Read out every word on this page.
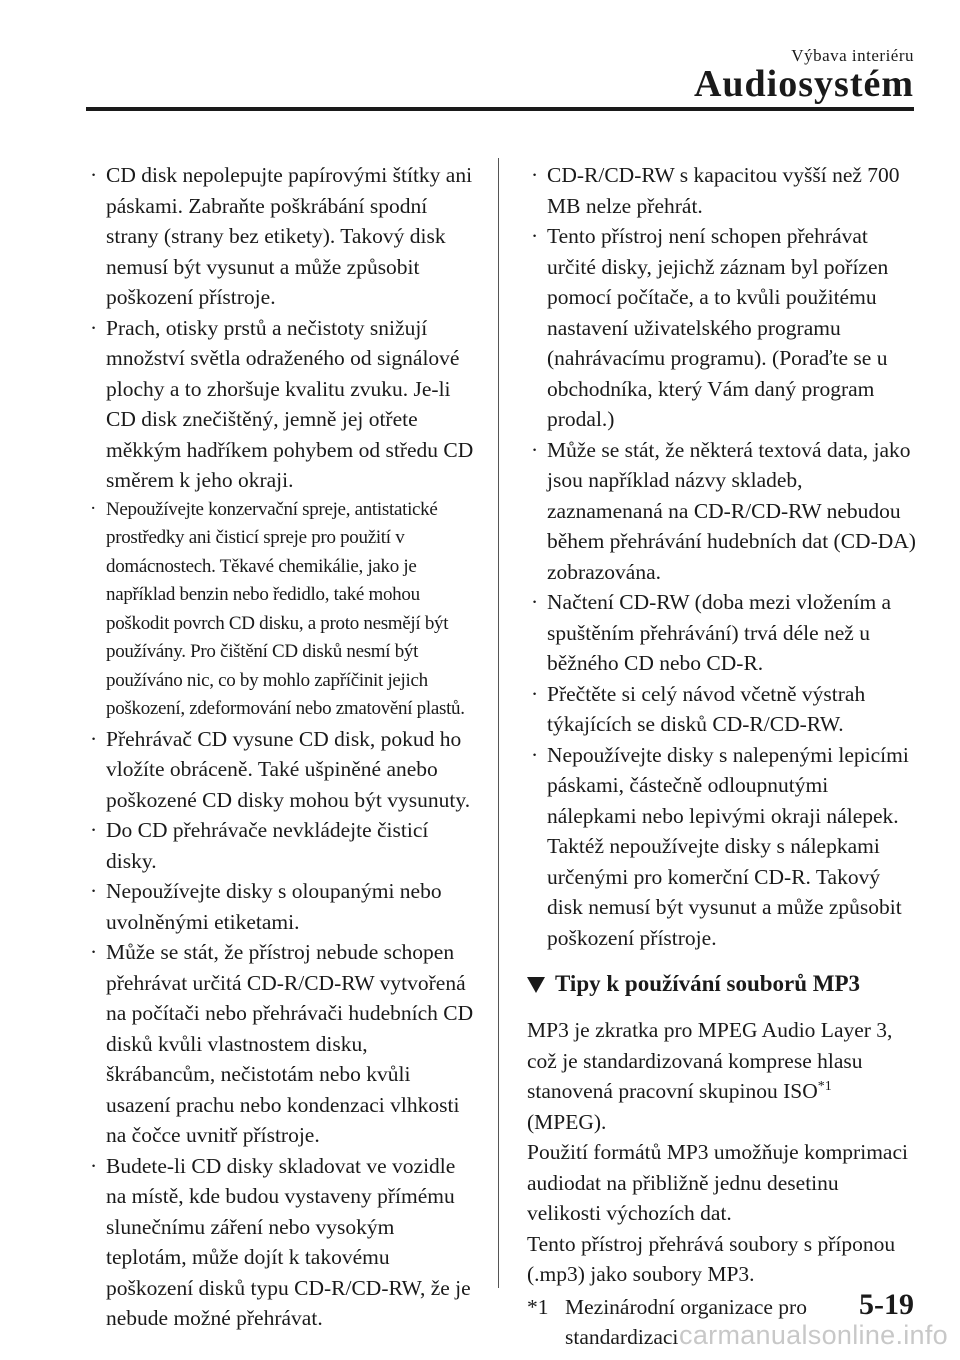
Výbava interiéru
Audiosystém
· CD disk nepolepujte papírovými štítky ani páskami. Zabraňte poškrábání spodní strany (strany bez etikety). Takový disk nemusí být vysunut a může způsobit poškození přístroje.
· Prach, otisky prstů a nečistoty snižují množství světla odraženého od signálové plochy a to zhoršuje kvalitu zvuku. Je-li CD disk znečištěný, jemně jej otřete měkkým hadříkem pohybem od středu CD směrem k jeho okraji.
· Nepoužívejte konzervační spreje, antistatické prostředky ani čisticí spreje pro použití v domácnostech. Těkavé chemikálie, jako je například benzin nebo ředidlo, také mohou poškodit povrch CD disku, a proto nesmějí být používány. Pro čištění CD disků nesmí být používáno nic, co by mohlo zapříčinit jejich poškození, zdeformování nebo zmatovění plastů.
· Přehrávač CD vysune CD disk, pokud ho vložíte obráceně. Také ušpiněné anebo poškozené CD disky mohou být vysunuty.
· Do CD přehrávače nevkládejte čisticí disky.
· Nepoužívejte disky s oloupanými nebo uvolněnými etiketami.
· Může se stát, že přístroj nebude schopen přehrávat určitá CD-R/CD-RW vytvořená na počítači nebo přehrávači hudebních CD disků kvůli vlastnostem disku, škrábancům, nečistotám nebo kvůli usazení prachu nebo kondenzaci vlhkosti na čočce uvnitř přístroje.
· Budete-li CD disky skladovat ve vozidle na místě, kde budou vystaveny přímému slunečnímu záření nebo vysokým teplotám, může dojít k takovému poškození disků typu CD-R/CD-RW, že je nebude možné přehrávat.
· CD-R/CD-RW s kapacitou vyšší než 700 MB nelze přehrát.
· Tento přístroj není schopen přehrávat určité disky, jejichž záznam byl pořízen pomocí počítače, a to kvůli použitému nastavení uživatelského programu (nahrávacímu programu). (Poraďte se u obchodníka, který Vám daný program prodal.)
· Může se stát, že některá textová data, jako jsou například názvy skladeb, zaznamenaná na CD-R/CD-RW nebudou během přehrávání hudebních dat (CD-DA) zobrazována.
· Načtení CD-RW (doba mezi vložením a spuštěním přehrávání) trvá déle než u běžného CD nebo CD-R.
· Přečtěte si celý návod včetně výstrah týkajících se disků CD-R/CD-RW.
· Nepoužívejte disky s nalepenými lepicími páskami, částečně odloupnutými nálepkami nebo lepivými okraji nálepek. Taktéž nepoužívejte disky s nálepkami určenými pro komerční CD-R. Takový disk nemusí být vysunut a může způsobit poškození přístroje.
Tipy k používání souborů MP3

MP3 je zkratka pro MPEG Audio Layer 3, což je standardizovaná komprese hlasu stanovená pracovní skupinou ISO$^{*1}$
(MPEG).

Použití formátů MP3 umožňuje komprimaci audiodat na přibližně jednu desetinu velikosti výchozích dat.

Tento přístroj přehrává soubory s příponou (.mp3) jako soubory MP3.

*1 Mezinárodní organizace pro standardizaci
5-19
carmanualsonline.info
